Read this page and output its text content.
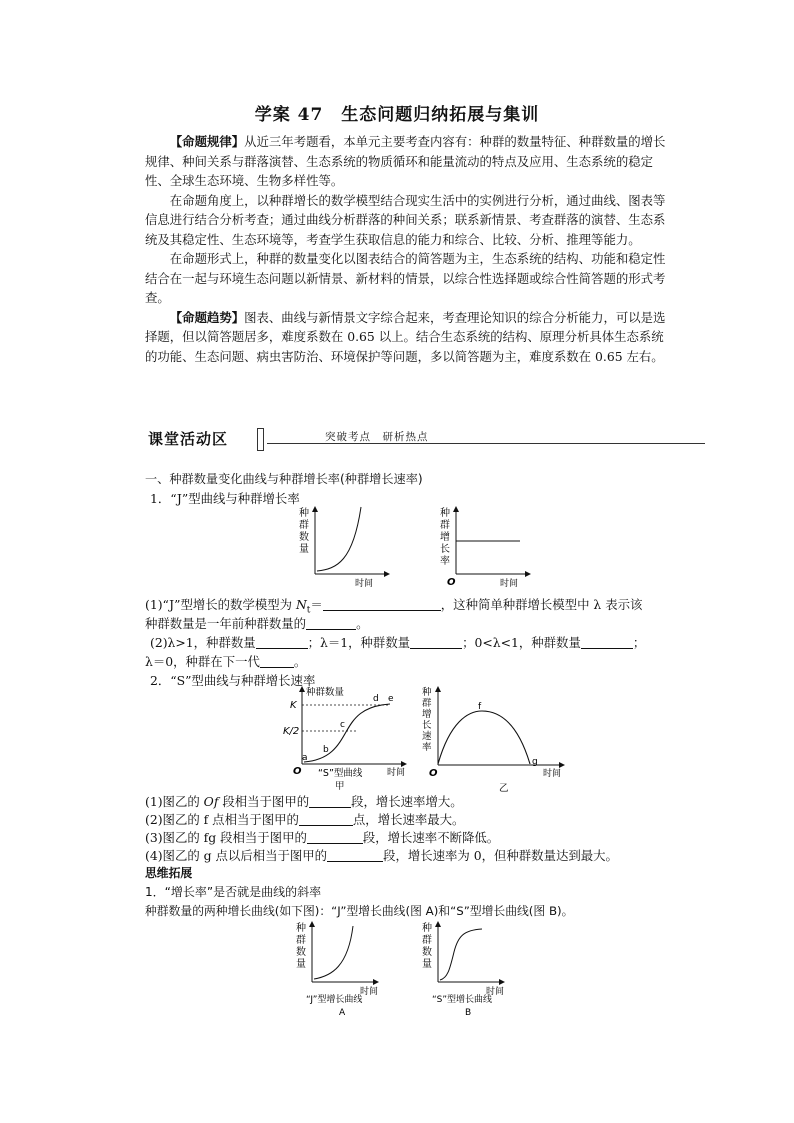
学案 47　生态问题归纳拓展与集训

【命题规律】从近三年考题看，本单元主要考查内容有：种群的数量特征、种群数量的增长规律、种间关系与群落演替、生态系统的物质循环和能量流动的特点及应用、生态系统的稳定性、全球生态环境、生物多样性等。

在命题角度上，以种群增长的数学模型结合现实生活中的实例进行分析，通过曲线、图表等信息进行结合分析考查；通过曲线分析群落的种间关系；联系新情景、考查群落的演替、生态系统及其稳定性、生态环境等，考查学生获取信息的能力和综合、比较、分析、推理等能力。

在命题形式上，种群的数量变化以图表结合的简答题为主，生态系统的结构、功能和稳定性结合在一起与环境生态问题以新情景、新材料的情景，以综合性选择题或综合性简答题的形式考查。

【命题趋势】图表、曲线与新情景文字综合起来，考查理论知识的综合分析能力，可以是选择题，但以简答题居多，难度系数在 0.65 以上。结合生态系统的结构、原理分析具体生态系统的功能、生态问题、病虫害防治、环境保护等问题，多以简答题为主，难度系数在 0.65 左右。

课堂活动区	突破考点　研析热点
一、种群数量变化曲线与种群增长率(种群增长速率)
1．“J”型曲线与种群增长率
种
群
数
量
时间
种
群
增
长
率
O	时间
(1)“J”型增长的数学模型为 $N_t=$	，这种简单种群增长模型中 λ 表示该
种群数量是一年前种群数量的	。
(2)λ>1，种群数量	；λ＝1，种群数量	；0<λ<1，种群数量	；
λ＝0，种群在下一代	。
2．“S”型曲线与种群增长速率
种群数量
K
K/2
O
a
b
c
d e
“S”型曲线	时间
甲
种
群
增
长
速
率
f
g
O	时间
乙
(1)图乙的 Of 段相当于图甲的	段，增长速率增大。
(2)图乙的 f 点相当于图甲的	点，增长速率最大。
(3)图乙的 fg 段相当于图甲的	段，增长速率不断降低。
(4)图乙的 g 点以后相当于图甲的	段，增长速率为 0，但种群数量达到最大。
思维拓展
1．“增长率”是否就是曲线的斜率
种群数量的两种增长曲线(如下图)：“J”型增长曲线(图 A)和“S”型增长曲线(图 B)。
种
群
数
量
时间
“J”型增长曲线
A
种
群
数
量
时间
“S”型增长曲线
B
